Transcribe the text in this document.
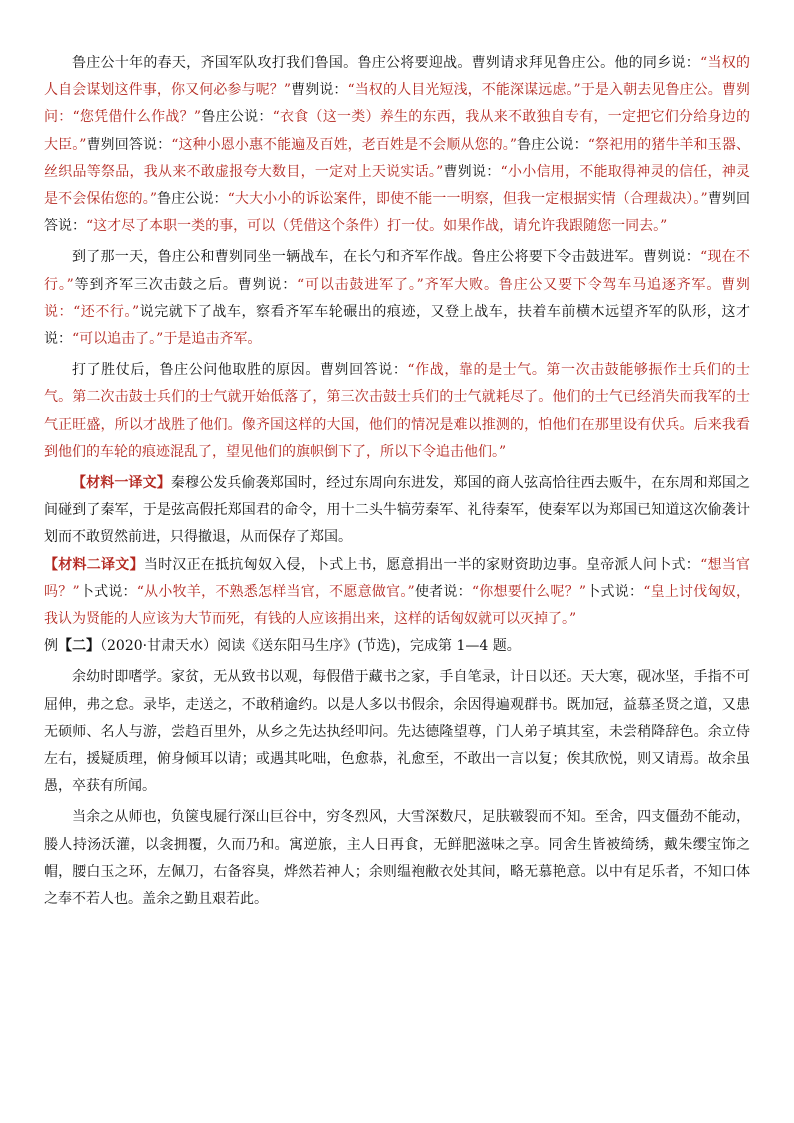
鲁庄公十年的春天，齐国军队攻打我们鲁国。鲁庄公将要迎战。曹刿请求拜见鲁庄公。他的同乡说：“当权的人自会谋划这件事，你又何必参与呢？”曹刿说：“当权的人目光短浅，不能深谋远虑。”于是入朝去见鲁庄公。曹刿问：“您凭借什么作战？”鲁庄公说：“衣食（这一类）养生的东西，我从来不敢独自专有，一定把它们分给身边的大臣。”曹刿回答说：“这种小恩小惠不能遍及百姓，老百姓是不会顺从您的。”鲁庄公说：“祭祀用的猪牛羊和玉器、丝织品等祭品，我从来不敢虚报夸大数目，一定对上天说实话。”曹刿说：“小小信用，不能取得神灵的信任，神灵是不会保佑您的。”鲁庄公说：“大大小小的诉讼案件，即使不能一一明察，但我一定根据实情（合理裁决）。”曹刿回答说：“这才尽了本职一类的事，可以（凭借这个条件）打一仗。如果作战，请允许我跟随您一同去。”

到了那一天，鲁庄公和曹刿同坐一辆战车，在长勺和齐军作战。鲁庄公将要下令击鼓进军。曹刿说：“现在不行。”等到齐军三次击鼓之后。曹刿说：“可以击鼓进军了。”齐军大败。鲁庄公又要下令驾车马追逐齐军。曹刿说：“还不行。”说完就下了战车，察看齐军车轮碾出的痕迹，又登上战车，扶着车前横木远望齐军的队形，这才说：“可以追击了。”于是追击齐军。

打了胜仗后，鲁庄公问他取胜的原因。曹刿回答说：“作战，靠的是士气。第一次击鼓能够振作士兵们的士气。第二次击鼓士兵们的士气就开始低落了，第三次击鼓士兵们的士气就耗尽了。他们的士气已经消失而我军的士气正旺盛，所以才战胜了他们。像齐国这样的大国，他们的情况是难以推测的，怕他们在那里设有伏兵。后来我看到他们的车轮的痕迹混乱了，望见他们的旗帜倒下了，所以下令追击他们。”

【材料一译文】秦穆公发兵偷袭郑国时，经过东周向东进发，郑国的商人弦高恰往西去贩牛，在东周和郑国之间碰到了秦军，于是弦高假托郑国君的命令，用十二头牛犒劳秦军、礼待秦军，使秦军以为郑国已知道这次偷袭计划而不敢贸然前进，只得撤退，从而保存了郑国。

【材料二译文】当时汉正在抵抗匈奴入侵，卜式上书，愿意捐出一半的家财资助边事。皇帝派人问卜式：“想当官吗？”卜式说：“从小牧羊，不熟悉怎样当官，不愿意做官。”使者说：“你想要什么呢？”卜式说：“皇上讨伐匈奴，我认为贤能的人应该为大节而死，有钱的人应该捐出来，这样的话匈奴就可以灭掉了。”

例【二】（2020·甘肃天水）阅读《送东阳马生序》(节选)，完成第 1—4 题。

余幼时即嗜学。家贫，无从致书以观，每假借于藏书之家，手自笔录，计日以还。天大寒，砚冰坚，手指不可屈伸，弗之怠。录毕，走送之，不敢稍逾约。以是人多以书假余，余因得遍观群书。既加冠，益慕圣贤之道，又患无硕师、名人与游，尝趋百里外，从乡之先达执经叩问。先达德隆望尊，门人弟子填其室，未尝稍降辞色。余立侍左右，援疑质理，俯身倾耳以请；或遇其叱咄，色愈恭，礼愈至，不敢出一言以复；俟其欣悦，则又请焉。故余虽愚，卒获有所闻。

当余之从师也，负箧曳屣行深山巨谷中，穷冬烈风，大雪深数尺，足肤皲裂而不知。至舍，四支僵劲不能动，媵人持汤沃灌，以衾拥覆，久而乃和。寓逆旅，主人日再食，无鲜肥滋味之享。同舍生皆被绮绣，戴朱缨宝饰之帽，腰白玉之环，左佩刀，右备容臭，烨然若神人；余则缊袍敝衣处其间，略无慕艳意。以中有足乐者，不知口体之奉不若人也。盖余之勤且艰若此。
